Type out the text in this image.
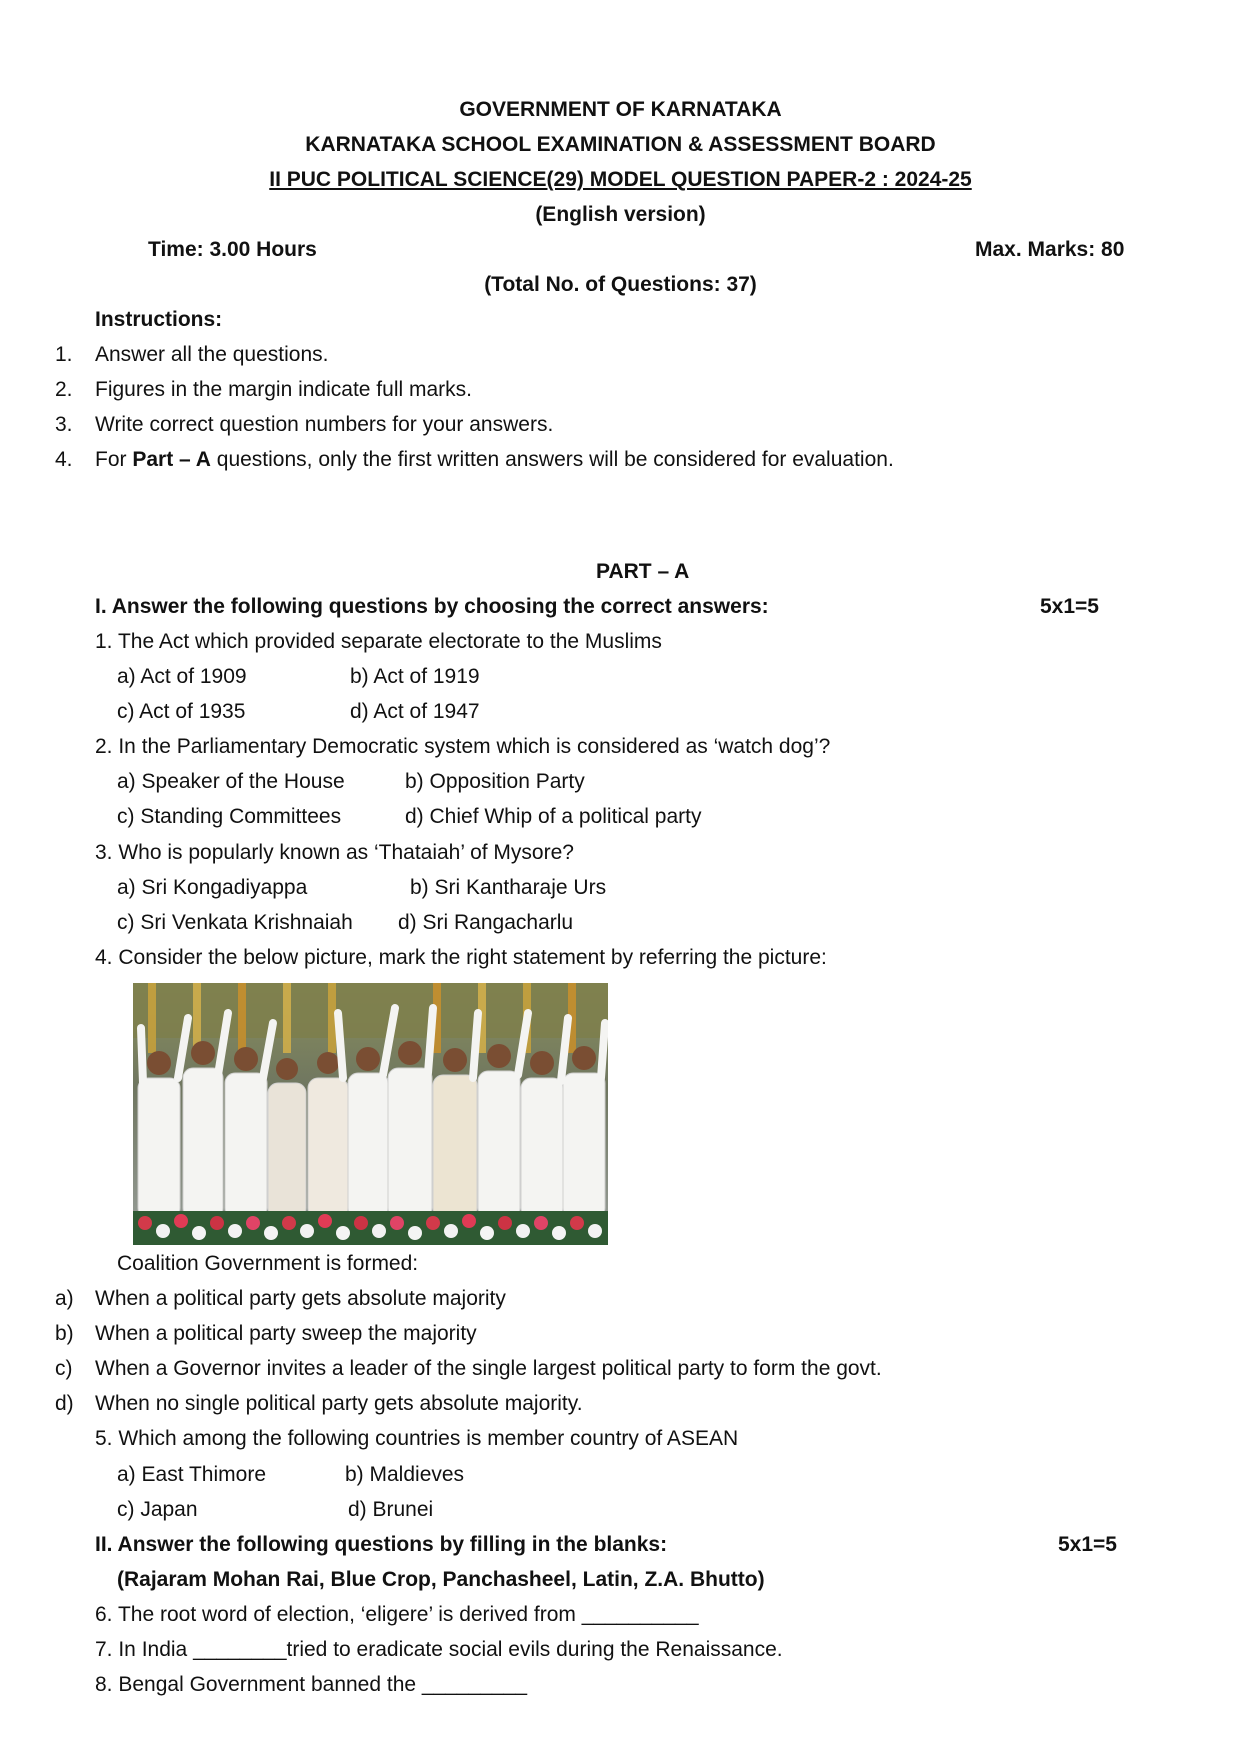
GOVERNMENT OF KARNATAKA
KARNATAKA SCHOOL EXAMINATION & ASSESSMENT BOARD
II PUC POLITICAL SCIENCE(29) MODEL QUESTION PAPER-2 : 2024-25
(English version)
Time: 3.00 Hours	Max. Marks: 80
(Total No. of Questions: 37)
Instructions:
1. Answer all the questions.
2. Figures in the margin indicate full marks.
3. Write correct question numbers for your answers.
4. For Part – A questions, only the first written answers will be considered for evaluation.
PART – A
I. Answer the following questions by choosing the correct answers:	5x1=5
1. The Act which provided separate electorate to the Muslims
a) Act of 1909	b) Act of 1919
c) Act of 1935	d) Act of 1947
2. In the Parliamentary Democratic system which is considered as ‘watch dog’?
a) Speaker of the House	b) Opposition Party
c) Standing Committees	d) Chief Whip of a political party
3. Who is popularly known as ‘Thataiah’ of Mysore?
a) Sri Kongadiyappa	b) Sri Kantharaje Urs
c) Sri Venkata Krishnaiah d) Sri Rangacharlu
4. Consider the below picture, mark the right statement by referring the picture:
Coalition Government is formed:
a) When a political party gets absolute majority
b) When a political party sweep the majority
c) When a Governor invites a leader of the single largest political party to form the govt.
d) When no single political party gets absolute majority.
5. Which among the following countries is member country of ASEAN
a) East Thimore	b) Maldieves
c) Japan	d) Brunei
II. Answer the following questions by filling in the blanks:	5x1=5
(Rajaram Mohan Rai, Blue Crop, Panchasheel, Latin, Z.A. Bhutto)
6. The root word of election, ‘eligere’ is derived from __________
7. In India ________tried to eradicate social evils during the Renaissance.
8. Bengal Government banned the _________
